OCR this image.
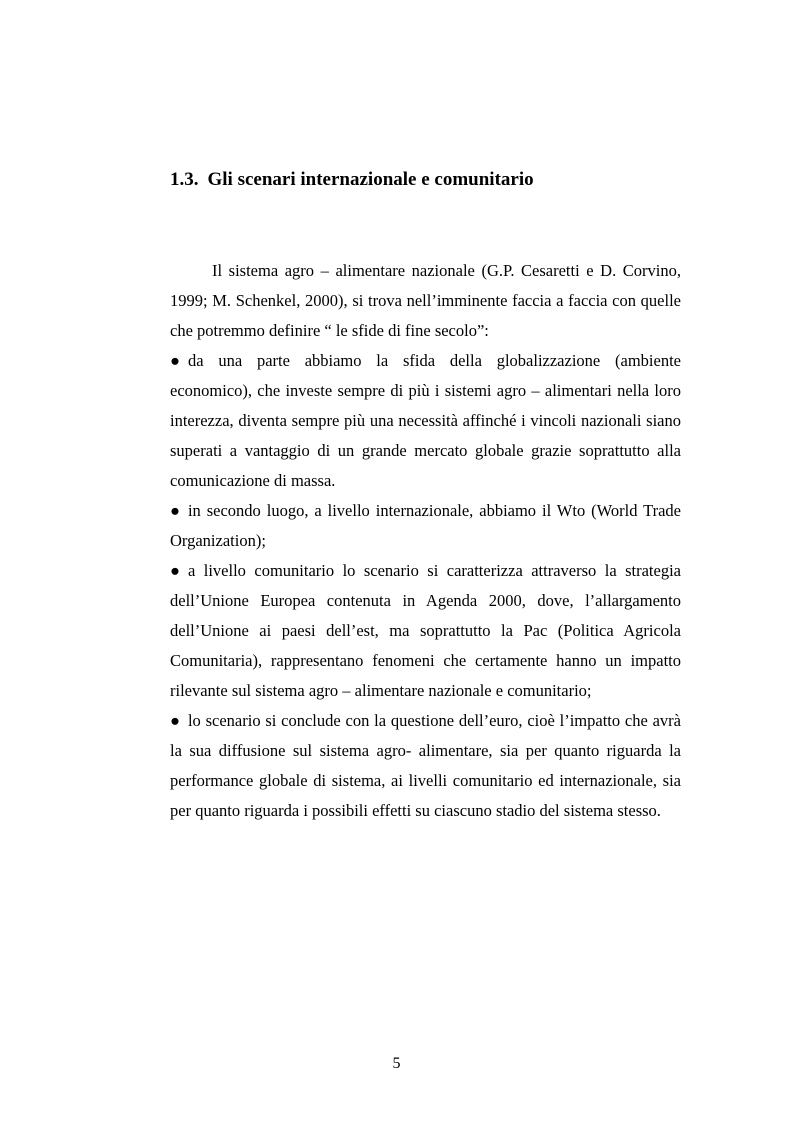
1.3. Gli scenari internazionale e comunitario

Il sistema agro – alimentare nazionale (G.P. Cesaretti e D. Corvino, 1999; M. Schenkel, 2000), si trova nell’imminente faccia a faccia con quelle che potremmo definire “ le sfide di fine secolo”:

● da una parte abbiamo la sfida della globalizzazione (ambiente economico), che investe sempre di più i sistemi agro – alimentari nella loro interezza, diventa sempre più una necessità affinché i vincoli nazionali siano superati a vantaggio di un grande mercato globale grazie soprattutto alla comunicazione di massa.

● in secondo luogo, a livello internazionale, abbiamo il Wto (World Trade Organization);

● a livello comunitario lo scenario si caratterizza attraverso la strategia dell’Unione Europea contenuta in Agenda 2000, dove, l’allargamento dell’Unione ai paesi dell’est, ma soprattutto la Pac (Politica Agricola Comunitaria), rappresentano fenomeni che certamente hanno un impatto rilevante sul sistema agro – alimentare nazionale e comunitario;

● lo scenario si conclude con la questione dell’euro, cioè l’impatto che avrà la sua diffusione sul sistema agro- alimentare, sia per quanto riguarda la performance globale di sistema, ai livelli comunitario ed internazionale, sia per quanto riguarda i possibili effetti su ciascuno stadio del sistema stesso.

5
